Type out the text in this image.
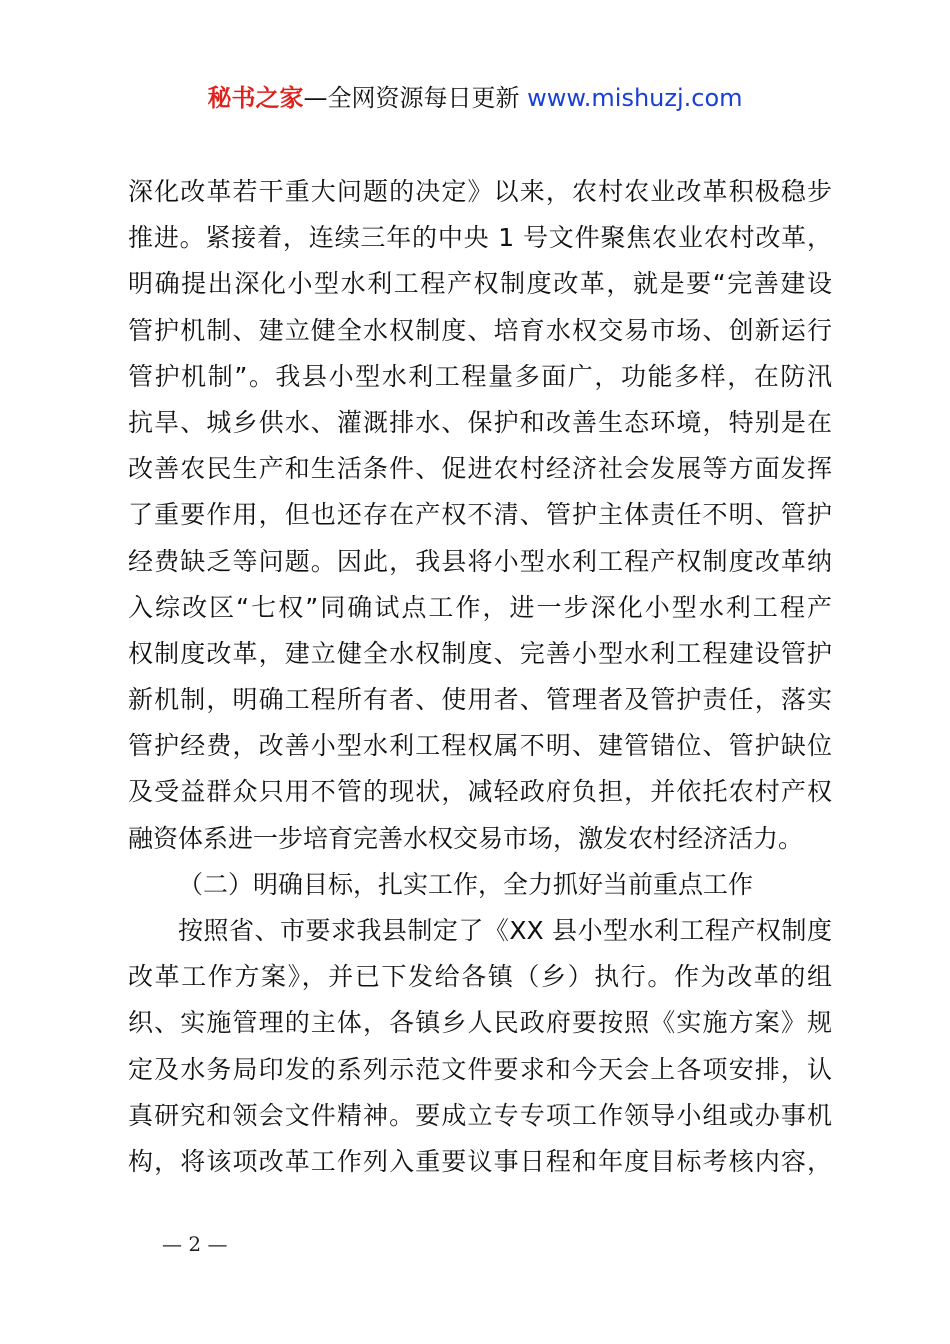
秘书之家—全网资源每日更新 www.mishuzj.com
深化改革若干重大问题的决定》以来，农村农业改革积极稳步
推进。紧接着，连续三年的中央 1 号文件聚焦农业农村改革，
明确提出深化小型水利工程产权制度改革，就是要“完善建设
管护机制、建立健全水权制度、培育水权交易市场、创新运行
管护机制”。我县小型水利工程量多面广，功能多样，在防汛
抗旱、城乡供水、灌溉排水、保护和改善生态环境，特别是在
改善农民生产和生活条件、促进农村经济社会发展等方面发挥
了重要作用，但也还存在产权不清、管护主体责任不明、管护
经费缺乏等问题。因此，我县将小型水利工程产权制度改革纳
入综改区“七权”同确试点工作，进一步深化小型水利工程产
权制度改革，建立健全水权制度、完善小型水利工程建设管护
新机制，明确工程所有者、使用者、管理者及管护责任，落实
管护经费，改善小型水利工程权属不明、建管错位、管护缺位
及受益群众只用不管的现状，减轻政府负担，并依托农村产权
融资体系进一步培育完善水权交易市场，激发农村经济活力。
（二）明确目标，扎实工作，全力抓好当前重点工作
按照省、市要求我县制定了《XX 县小型水利工程产权制度
改革工作方案》，并已下发给各镇（乡）执行。作为改革的组
织、实施管理的主体，各镇乡人民政府要按照《实施方案》规
定及水务局印发的系列示范文件要求和今天会上各项安排，认
真研究和领会文件精神。要成立专专项工作领导小组或办事机
构，将该项改革工作列入重要议事日程和年度目标考核内容，
— 2 —
